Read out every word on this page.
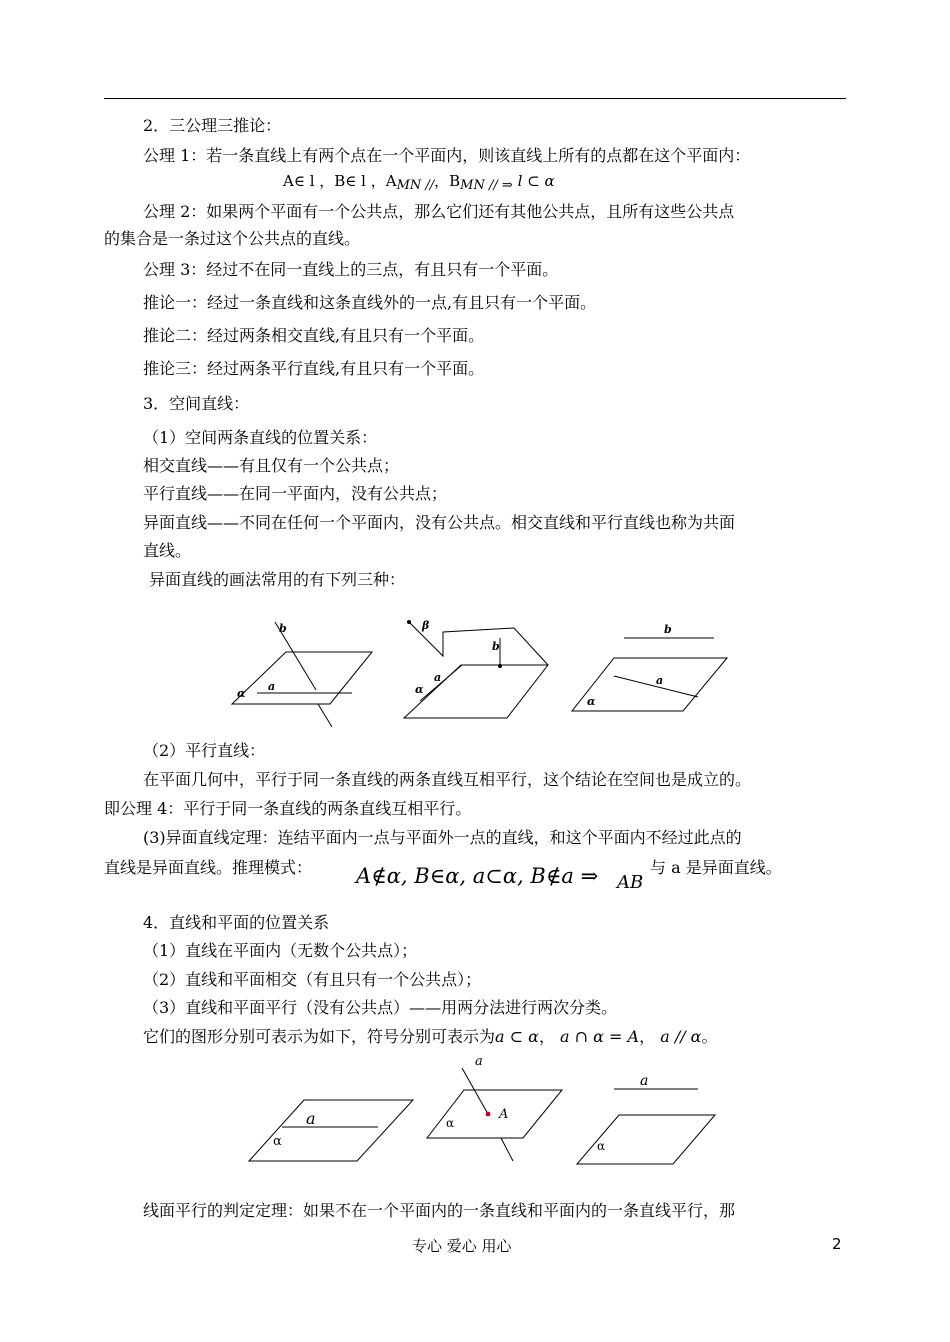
2．三公理三推论：
公理 1：若一条直线上有两个点在一个平面内，则该直线上所有的点都在这个平面内：
A∈ l ，B∈ l ，AMN //，BMN // ⇒ l ⊂ α
公理 2：如果两个平面有一个公共点，那么它们还有其他公共点，且所有这些公共点
的集合是一条过这个公共点的直线。
公理 3：经过不在同一直线上的三点，有且只有一个平面。
推论一：经过一条直线和这条直线外的一点,有且只有一个平面。
推论二：经过两条相交直线,有且只有一个平面。
推论三：经过两条平行直线,有且只有一个平面。
3．空间直线：
（1）空间两条直线的位置关系：
相交直线——有且仅有一个公共点；
平行直线——在同一平面内，没有公共点；
异面直线——不同在任何一个平面内，没有公共点。相交直线和平行直线也称为共面
直线。
异面直线的画法常用的有下列三种：
b
a
α
β
b
a
α
b
a
α
（2）平行直线：
在平面几何中，平行于同一条直线的两条直线互相平行，这个结论在空间也是成立的。
即公理 4：平行于同一条直线的两条直线互相平行。
(3)异面直线定理：连结平面内一点与平面外一点的直线，和这个平面内不经过此点的
直线是异面直线。推理模式： A∉α, B∈α, a⊂α, B∉a ⇒ AB
与 a 是异面直线。
4．直线和平面的位置关系
（1）直线在平面内（无数个公共点）；
（2）直线和平面相交（有且只有一个公共点）；
（3）直线和平面平行（没有公共点）——用两分法进行两次分类。
它们的图形分别可表示为如下，符号分别可表示为a ⊂ α， a ∩ α = A， a // α。
a
α
a
A
α
a
α
线面平行的判定定理：如果不在一个平面内的一条直线和平面内的一条直线平行，那
专心 爱心 用心	2
